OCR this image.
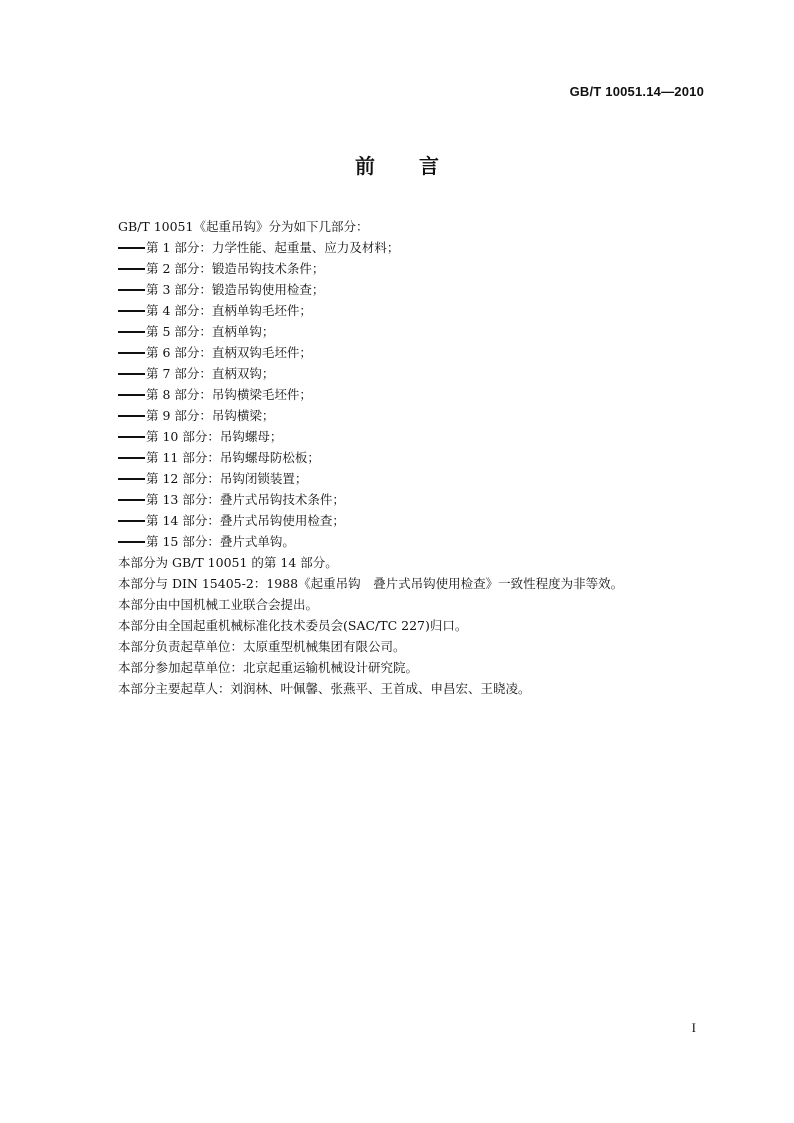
GB/T 10051.14—2010
前言
GB/T 10051《起重吊钩》分为如下几部分：
第 1 部分：力学性能、起重量、应力及材料；
第 2 部分：锻造吊钩技术条件；
第 3 部分：锻造吊钩使用检查；
第 4 部分：直柄单钩毛坯件；
第 5 部分：直柄单钩；
第 6 部分：直柄双钩毛坯件；
第 7 部分：直柄双钩；
第 8 部分：吊钩横梁毛坯件；
第 9 部分：吊钩横梁；
第 10 部分：吊钩螺母；
第 11 部分：吊钩螺母防松板；
第 12 部分：吊钩闭锁装置；
第 13 部分：叠片式吊钩技术条件；
第 14 部分：叠片式吊钩使用检查；
第 15 部分：叠片式单钩。
本部分为 GB/T 10051 的第 14 部分。
本部分与 DIN 15405-2：1988《起重吊钩　叠片式吊钩使用检查》一致性程度为非等效。
本部分由中国机械工业联合会提出。
本部分由全国起重机械标准化技术委员会(SAC/TC 227)归口。
本部分负责起草单位：太原重型机械集团有限公司。
本部分参加起草单位：北京起重运输机械设计研究院。
本部分主要起草人：刘润林、叶佩馨、张燕平、王首成、申昌宏、王晓凌。
I
